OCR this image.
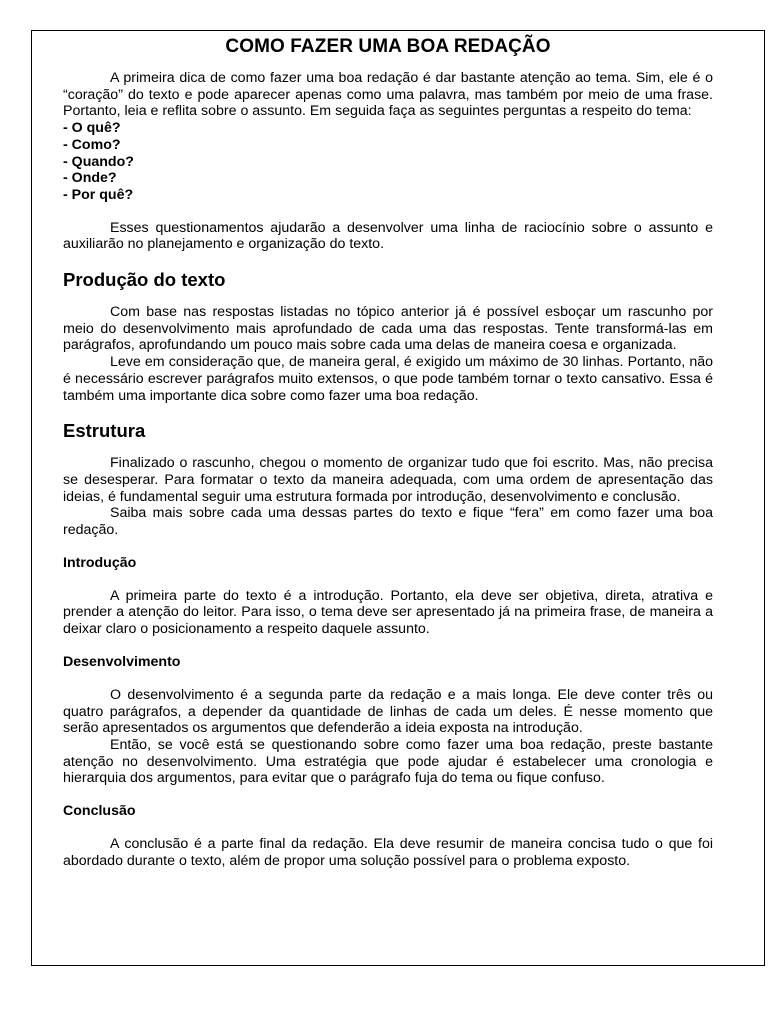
COMO FAZER UMA BOA REDAÇÃO

A primeira dica de como fazer uma boa redação é dar bastante atenção ao tema. Sim, ele é o “coração” do texto e pode aparecer apenas como uma palavra, mas também por meio de uma frase. Portanto, leia e reflita sobre o assunto. Em seguida faça as seguintes perguntas a respeito do tema:

- O quê?
- Como?
- Quando?
- Onde?
- Por quê?

Esses questionamentos ajudarão a desenvolver uma linha de raciocínio sobre o assunto e auxiliarão no planejamento e organização do texto.

Produção do texto

Com base nas respostas listadas no tópico anterior já é possível esboçar um rascunho por meio do desenvolvimento mais aprofundado de cada uma das respostas. Tente transformá-las em parágrafos, aprofundando um pouco mais sobre cada uma delas de maneira coesa e organizada.

Leve em consideração que, de maneira geral, é exigido um máximo de 30 linhas. Portanto, não é necessário escrever parágrafos muito extensos, o que pode também tornar o texto cansativo. Essa é também uma importante dica sobre como fazer uma boa redação.

Estrutura

Finalizado o rascunho, chegou o momento de organizar tudo que foi escrito. Mas, não precisa se desesperar. Para formatar o texto da maneira adequada, com uma ordem de apresentação das ideias, é fundamental seguir uma estrutura formada por introdução, desenvolvimento e conclusão.

Saiba mais sobre cada uma dessas partes do texto e fique “fera” em como fazer uma boa redação.

Introdução

A primeira parte do texto é a introdução. Portanto, ela deve ser objetiva, direta, atrativa e prender a atenção do leitor. Para isso, o tema deve ser apresentado já na primeira frase, de maneira a deixar claro o posicionamento a respeito daquele assunto.

Desenvolvimento

O desenvolvimento é a segunda parte da redação e a mais longa. Ele deve conter três ou quatro parágrafos, a depender da quantidade de linhas de cada um deles. É nesse momento que serão apresentados os argumentos que defenderão a ideia exposta na introdução.

Então, se você está se questionando sobre como fazer uma boa redação, preste bastante atenção no desenvolvimento. Uma estratégia que pode ajudar é estabelecer uma cronologia e hierarquia dos argumentos, para evitar que o parágrafo fuja do tema ou fique confuso.

Conclusão

A conclusão é a parte final da redação. Ela deve resumir de maneira concisa tudo o que foi abordado durante o texto, além de propor uma solução possível para o problema exposto.
